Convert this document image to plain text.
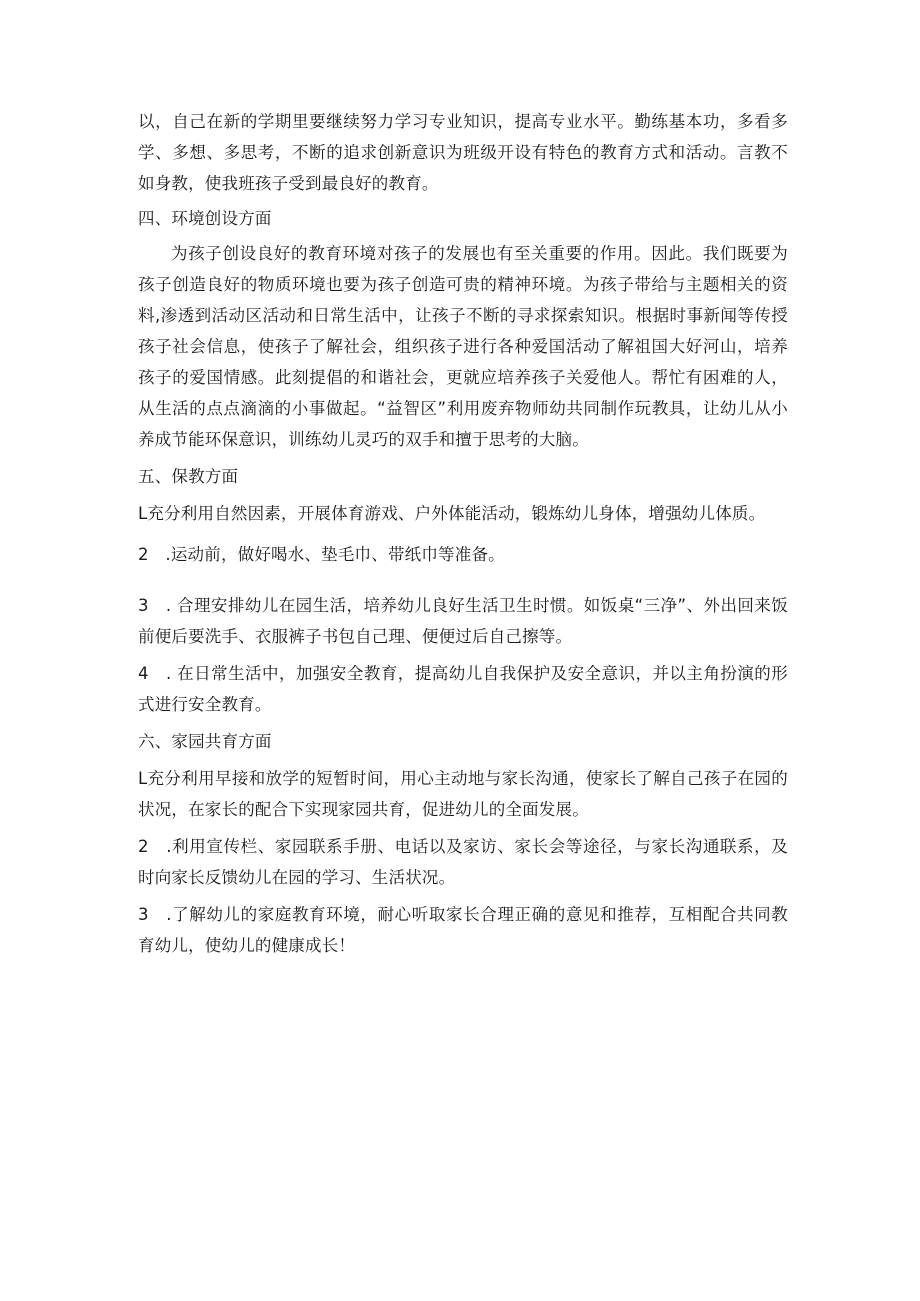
以，自己在新的学期里要继续努力学习专业知识，提高专业水平。勤练基本功，多看多学、多想、多思考，不断的追求创新意识为班级开设有特色的教育方式和活动。言教不如身教，使我班孩子受到最良好的教育。

四、环境创设方面

为孩子创设良好的教育环境对孩子的发展也有至关重要的作用。因此。我们既要为孩子创造良好的物质环境也要为孩子创造可贵的精神环境。为孩子带给与主题相关的资料,渗透到活动区活动和日常生活中，让孩子不断的寻求探索知识。根据时事新闻等传授孩子社会信息，使孩子了解社会，组织孩子进行各种爱国活动了解祖国大好河山，培养孩子的爱国情感。此刻提倡的和谐社会，更就应培养孩子关爱他人。帮忙有困难的人，从生活的点点滴滴的小事做起。“益智区”利用废弃物师幼共同制作玩教具，让幼儿从小养成节能环保意识，训练幼儿灵巧的双手和擅于思考的大脑。

五、保教方面

L充分利用自然因素，开展体育游戏、户外体能活动，锻炼幼儿身体，增强幼儿体质。

2　.运动前，做好喝水、垫毛巾、带纸巾等准备。

3　. 合理安排幼儿在园生活，培养幼儿良好生活卫生时惯。如饭桌“三净”、外出回来饭前便后要洗手、衣服裤子书包自己理、便便过后自己擦等。

4　. 在日常生活中，加强安全教育，提高幼儿自我保护及安全意识，并以主角扮演的形式进行安全教育。

六、家园共育方面

L充分利用早接和放学的短暂时间，用心主动地与家长沟通，使家长了解自己孩子在园的状况，在家长的配合下实现家园共育，促进幼儿的全面发展。

2　.利用宣传栏、家园联系手册、电话以及家访、家长会等途径，与家长沟通联系，及时向家长反馈幼儿在园的学习、生活状况。

3　.了解幼儿的家庭教育环境，耐心听取家长合理正确的意见和推荐，互相配合共同教育幼儿，使幼儿的健康成长！
